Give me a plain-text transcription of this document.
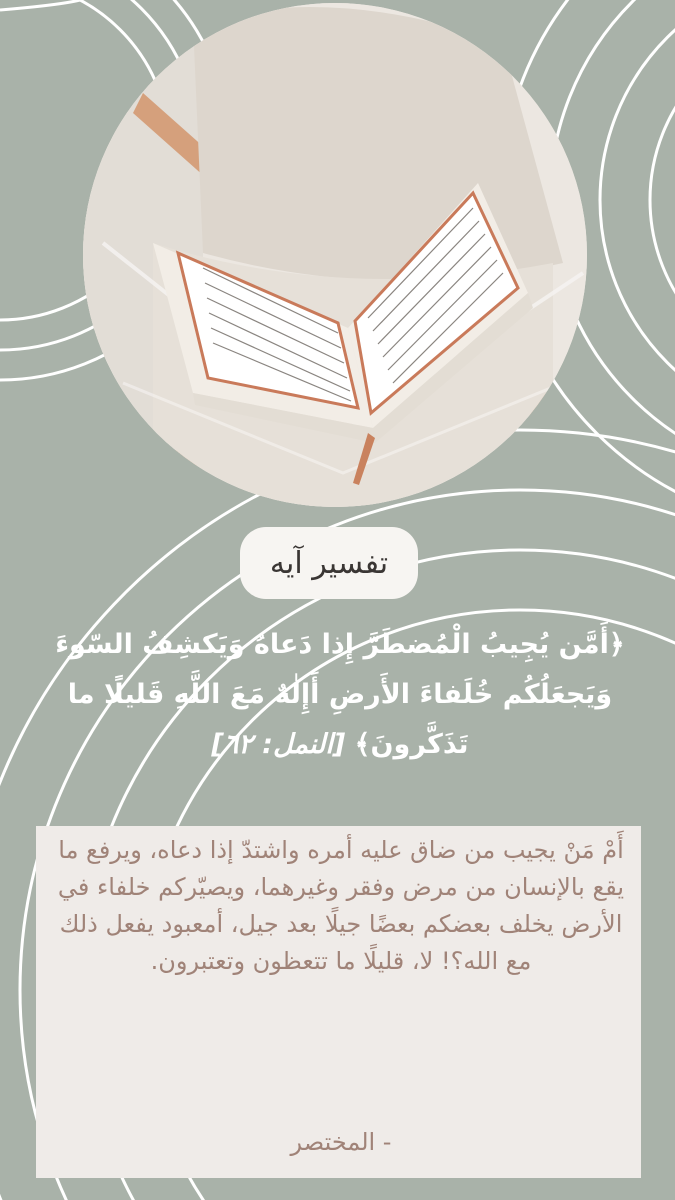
تفسير آيه
﴿أَمَّن يُجِيبُ الْمُضطَرَّ إِذا دَعاهُ وَيَكشِفُ السّوءَ وَيَجعَلُكُم خُلَفاءَ الأَرضِ أَإِلٰهٌ مَعَ اللَّهِ قَليلًا ما تَذَكَّرونَ﴾ [النمل: ٦٢]
أَمْ مَنْ يجيب من ضاق عليه أمره واشتدّ إذا دعاه، ويرفع ما يقع بالإنسان من مرض وفقر وغيرهما، ويصيّركم خلفاء في الأرض يخلف بعضكم بعضًا جيلًا بعد جيل، أمعبود يفعل ذلك مع الله؟! لا، قليلًا ما تتعظون وتعتبرون.
- المختصر
